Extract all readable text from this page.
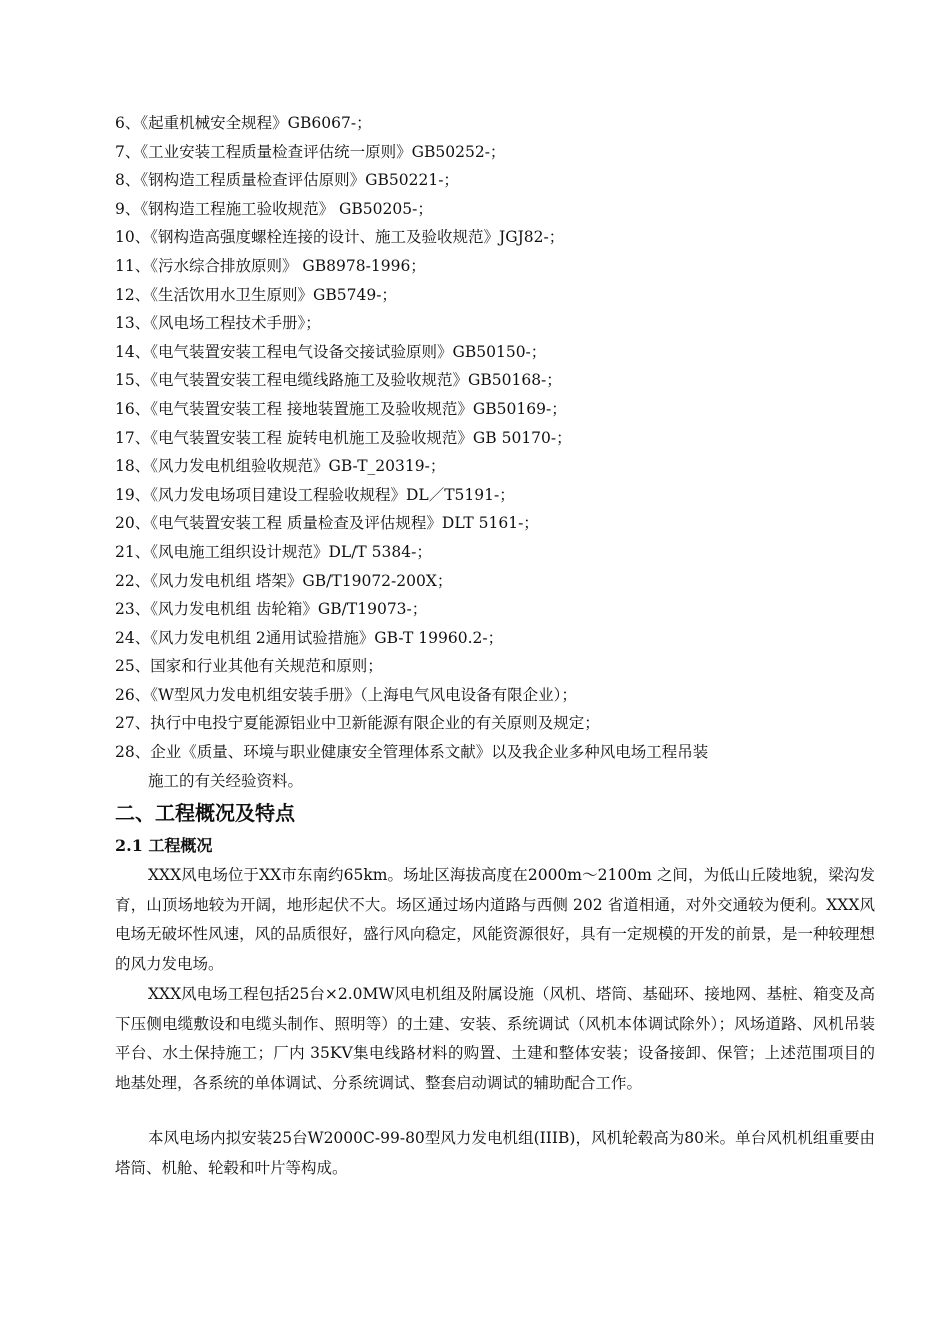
6、《起重机械安全规程》GB6067-；
7、《工业安装工程质量检查评估统一原则》GB50252-；
8、《钢构造工程质量检查评估原则》GB50221-；
9、《钢构造工程施工验收规范》 GB50205-；
10、《钢构造高强度螺栓连接的设计、施工及验收规范》JGJ82-；
11、《污水综合排放原则》 GB8978-1996；
12、《生活饮用水卫生原则》GB5749-；
13、《风电场工程技术手册》；
14、《电气装置安装工程电气设备交接试验原则》GB50150-；
15、《电气装置安装工程电缆线路施工及验收规范》GB50168-；
16、《电气装置安装工程 接地装置施工及验收规范》GB50169-；
17、《电气装置安装工程 旋转电机施工及验收规范》GB 50170-；
18、《风力发电机组验收规范》GB-T_20319-；
19、《风力发电场项目建设工程验收规程》DL／T5191-；
20、《电气装置安装工程 质量检查及评估规程》DLT 5161-；
21、《风电施工组织设计规范》DL/T 5384-；
22、《风力发电机组 塔架》GB/T19072-200X；
23、《风力发电机组 齿轮箱》GB/T19073-；
24、《风力发电机组 2通用试验措施》GB-T 19960.2-；
25、国家和行业其他有关规范和原则；
26、《W型风力发电机组安装手册》（上海电气风电设备有限企业）；
27、执行中电投宁夏能源铝业中卫新能源有限企业的有关原则及规定；
28、企业《质量、环境与职业健康安全管理体系文献》以及我企业多种风电场工程吊装
施工的有关经验资料。
二、工程概况及特点
2.1 工程概况

XXX风电场位于XX市东南约65km。场址区海拔高度在2000m～2100m 之间，为低山丘陵地貌，梁沟发育，山顶场地较为开阔，地形起伏不大。场区通过场内道路与西侧 202 省道相通，对外交通较为便利。XXX风电场无破坏性风速，风的品质很好，盛行风向稳定，风能资源很好，具有一定规模的开发的前景，是一种较理想的风力发电场。

XXX风电场工程包括25台×2.0MW风电机组及附属设施（风机、塔筒、基础环、接地网、基桩、箱变及高下压侧电缆敷设和电缆头制作、照明等）的土建、安装、系统调试（风机本体调试除外）；风场道路、风机吊装平台、水土保持施工；厂内 35KV集电线路材料的购置、土建和整体安装；设备接卸、保管；上述范围项目的地基处理，各系统的单体调试、分系统调试、整套启动调试的辅助配合工作。

本风电场内拟安装25台W2000C-99-80型风力发电机组(IIIB)，风机轮毂高为80米。单台风机机组重要由塔筒、机舱、轮毂和叶片等构成。
